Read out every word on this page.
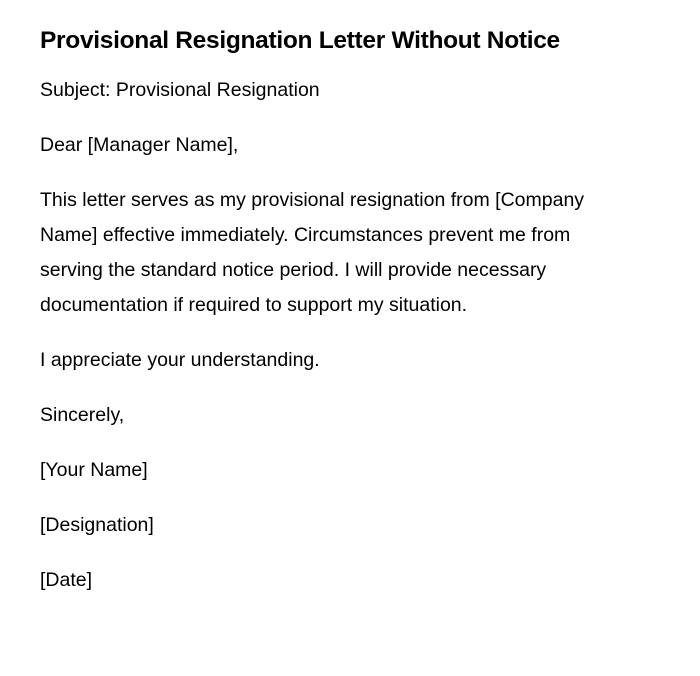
Provisional Resignation Letter Without Notice

Subject: Provisional Resignation

Dear [Manager Name],

This letter serves as my provisional resignation from [Company Name] effective immediately. Circumstances prevent me from serving the standard notice period. I will provide necessary documentation if required to support my situation.

I appreciate your understanding.

Sincerely,

[Your Name]

[Designation]

[Date]
